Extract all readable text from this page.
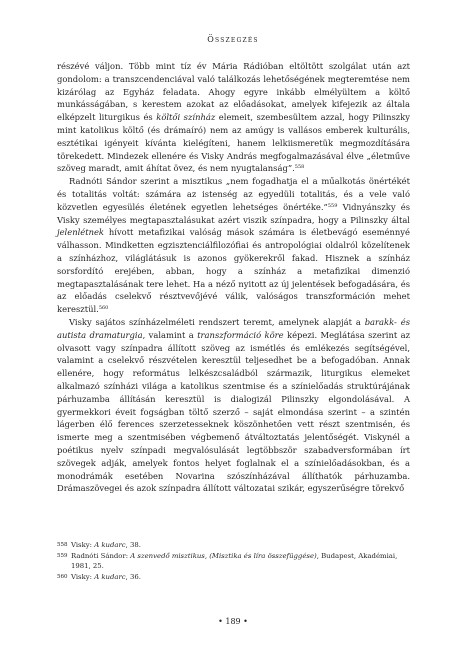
Összegzés

részévé váljon. Több mint tíz év Mária Rádióban eltöltött szolgálat után azt gondolom: a transzcendenciával való találkozás lehetőségének megteremtése nem kizárólag az Egyház feladata. Ahogy egyre inkább elmélyültem a költő munkásságában, s kerestem azokat az előadásokat, amelyek kifejezik az általa elképzelt liturgikus és költői színház elemeit, szembesültem azzal, hogy Pilinszky mint katolikus költő (és drámaíró) nem az amúgy is vallásos emberek kulturális, esztétikai igényeit kívánta kielégíteni, hanem lelkiismeretük megmozdítására törekedett. Mindezek ellenére és Visky András megfogalmazásával élve „életműve szöveg maradt, amit áhítat övez, és nem nyugtalanság”.$^{558}$

Radnóti Sándor szerint a misztikus „nem fogadhatja el a műalkotás önértékét és totalitás voltát: számára az istenség az egyedüli totalitás, és a vele való közvetlen egyesülés életének egyetlen lehetséges önértéke.”$^{559}$ Vidnyánszky és Visky személyes megtapasztalásukat azért viszik színpadra, hogy a Pilinszky által jelenlétnek hívott metafizikai valóság mások számára is életbevágó eseménnyé válhasson. Mindketten egzisztenciálfilozófiai és antropológiai oldalról közelítenek a színházhoz, világlátásuk is azonos gyökerekről fakad. Hisznek a színház sorsfordító erejében, abban, hogy a színház a metafizikai dimenzió megtapasztalásának tere lehet. Ha a néző nyitott az új jelentések befogadására, és az előadás cselekvő résztvevőjévé válik, valóságos transzformáción mehet keresztül.$^{560}$

Visky sajátos színházelméleti rendszert teremt, amelynek alapját a barakk- és autista dramaturgia, valamint a transzformáció köre képezi. Meglátása szerint az olvasott vagy színpadra állított szöveg az ismétlés és emlékezés segítségével, valamint a cselekvő részvételen keresztül teljesedhet be a befogadóban. Annak ellenére, hogy református lelkészcsaládból származik, liturgikus elemeket alkalmazó színházi világa a katolikus szentmise és a színielőadás struktúrájának párhuzamba állításán keresztül is dialogizál Pilinszky elgondolásával. A gyermekkori éveit fogságban töltő szerző – saját elmondása szerint – a szintén lágerben élő ferences szerzetesseknek köszönhetően vett részt szentmisén, és ismerte meg a szentmisében végbemenő átváltoztatás jelentőségét. Viskynél a poétikus nyelv színpadi megvalósulását legtöbbször szabadversformában írt szövegek adják, amelyek fontos helyet foglalnak el a színielőadásokban, és a monodrámák esetében Novarina szószínházával állíthatók párhuzamba. Drámaszövegei és azok színpadra állított változatai szikár, egyszerűségre törekvő

558 Visky: A kudarc, 38.
559 Radnóti Sándor: A szenvedő misztikus, (Misztika és líra összefüggése), Budapest, Akadémiai, 1981, 25.
560 Visky: A kudarc, 36.
• 189 •
